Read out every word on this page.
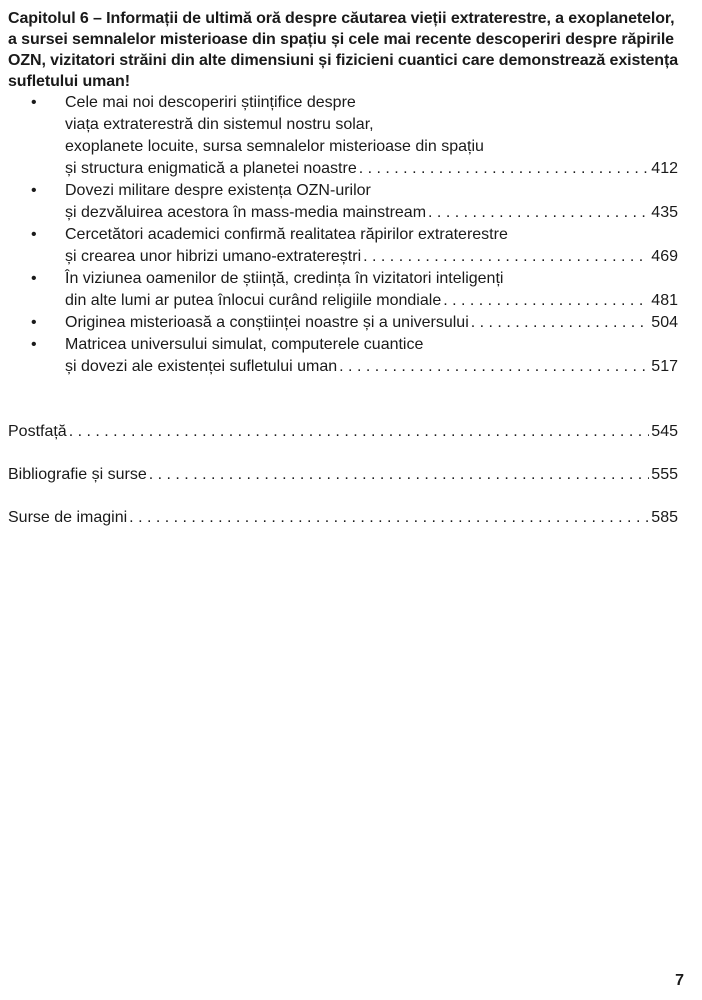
Capitolul 6 – Informații de ultimă oră despre căutarea vieții extraterestre, a exoplanetelor, a sursei semnalelor misterioase din spațiu și cele mai recente descoperiri despre răpirile OZN, vizitatori străini din alte dimensiuni și fizicieni cuantici care demonstrează existența sufletului uman!
• Cele mai noi descoperiri științifice despre
viața extraterestră din sistemul nostru solar,
exoplanete locuite, sursa semnalelor misterioase din spațiu
și structura enigmatică a planetei noastre . . .	412
• Dovezi militare despre existența OZN-urilor
și dezvăluirea acestora în mass-media mainstream . . .	435
• Cercetători academici confirmă realitatea răpirilor extraterestre
și crearea unor hibrizi umano-extratereștri . . .	469
• În viziunea oamenilor de știință, credința în vizitatori inteligenți
din alte lumi ar putea înlocui curând religiile mondiale . . .	481
• Originea misterioasă a conștiinței noastre și a universului . . .	504
• Matricea universului simulat, computerele cuantice
și dovezi ale existenței sufletului uman . . .	517
Postfață . . .	545
Bibliografie și surse . . .	555
Surse de imagini . . .	585
7
